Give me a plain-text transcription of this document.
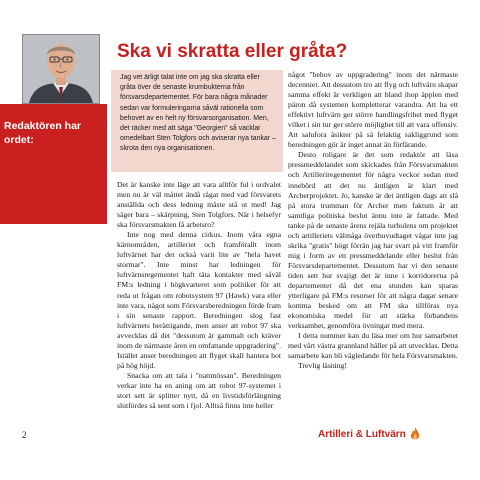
Redaktören har ordet:
Ska vi skratta eller gråta?
Jag vet ärligt talat inte om jag ska skratta eller gråta över de senaste krumbukterna från försvarsdepartementet. För bara några månader sedan var formuleringarna såväl rationella som behovet av en helt ny försvarsorganisation. Men, det räcker med att säga "Georgien" så vacklar omedelbart Sten Tolgfors och aviserar nya tankar – skrota den nya organisationen.

Det är kanske inte läge att vara alltför ful i ordvalet men nu är väl måttet ändå rågat med vad försvarets anställda och dess ledning måste stå ut med! Jag säger bara – skärpning, Sten Tolgfors. När i helsefyr ska försvarsmakten få arbetsro?

Inte nog med denna cirkus. Inom våra egna kärnområden, artilleriet och framförallt inom luftvärnet har det också varit lite av "hela havet stormar". Inte minst har ledningen för luftvärnsregementet haft täta kontakter med såväl FM:s ledning i högkvarteret som politiker för att reda ut frågan om robotsystem 97 (Hawk) vara eller inte vara, något som Försvarsberedningen förde fram i sin senaste rapport. Beredningen slog fast luftvärnets berättigande, men anser att robot 97 ska avvecklas då det "dessutom är gammalt och kräver inom de närmaste åren en omfattande uppgradering". Istället anser beredningen att flyget skall hantera hot på hög höjd.

Snacka om att tala i "nattmössan". Beredningen verkar inte ha en aning om att robot 97-systemet i stort sett är splitter nytt, då en livstidsförlängning slutfördes så sent som i fjol. Alltså finns inte heller

något "behov av uppgradering" inom det närmaste decenniet. Att dessutom tro att flyg och luftvärn skapar samma effekt är verkligen att bland ihop äpplen med päron då systemen kompletterar varandra. Att ha ett effektivt luftvärn ger större handlingsfrihet med flyget vilket i sin tur ger större möjlighet till att vara offensiv. Att salufora åsikter på så felaktig sakliggrund som beredningen gör är inget annat än förfärande.

Desto roligare är det som redaktör att läsa pressmeddelandet som skickades från Försvarsmakten och Artilleriregementet för några veckor sedan med innebörd att det nu äntligen är klart med Archerprojektet. Jo, kanske är det äntligen dags att slå på stora trumman för Archer men faktum är att samtliga politiska beslut ännu inte är fattade. Med tanke på de senaste årens rejäla turbulens om projektet och artilleriets välmåga överhuvudtaget vågar inte jag skrika "gratis" högt förrän jag har svart på vitt framför mig i form av ett pressmeddelande eller beslut från Försvarsdepartementet. Dessutom har vi den senaste tiden sett hur svajigt det är inne i korridorerna på departementet då det ena stunden kan sparas ytterligare på FM:s resurser för att några dagar senare komma besked om att FM ska tillföras nya ekonomiska medel för att stärka förbandens verksamhet, genomföra övningar med mera.

I detta nummer kan du läsa mer om hur samarbetet med vårt västra grannland håller på att utvecklas. Detta samarbete kan bli vägledande för hela Försvarsmakten.

Trevlig läsning!

2	Artilleri & Luftvärn
